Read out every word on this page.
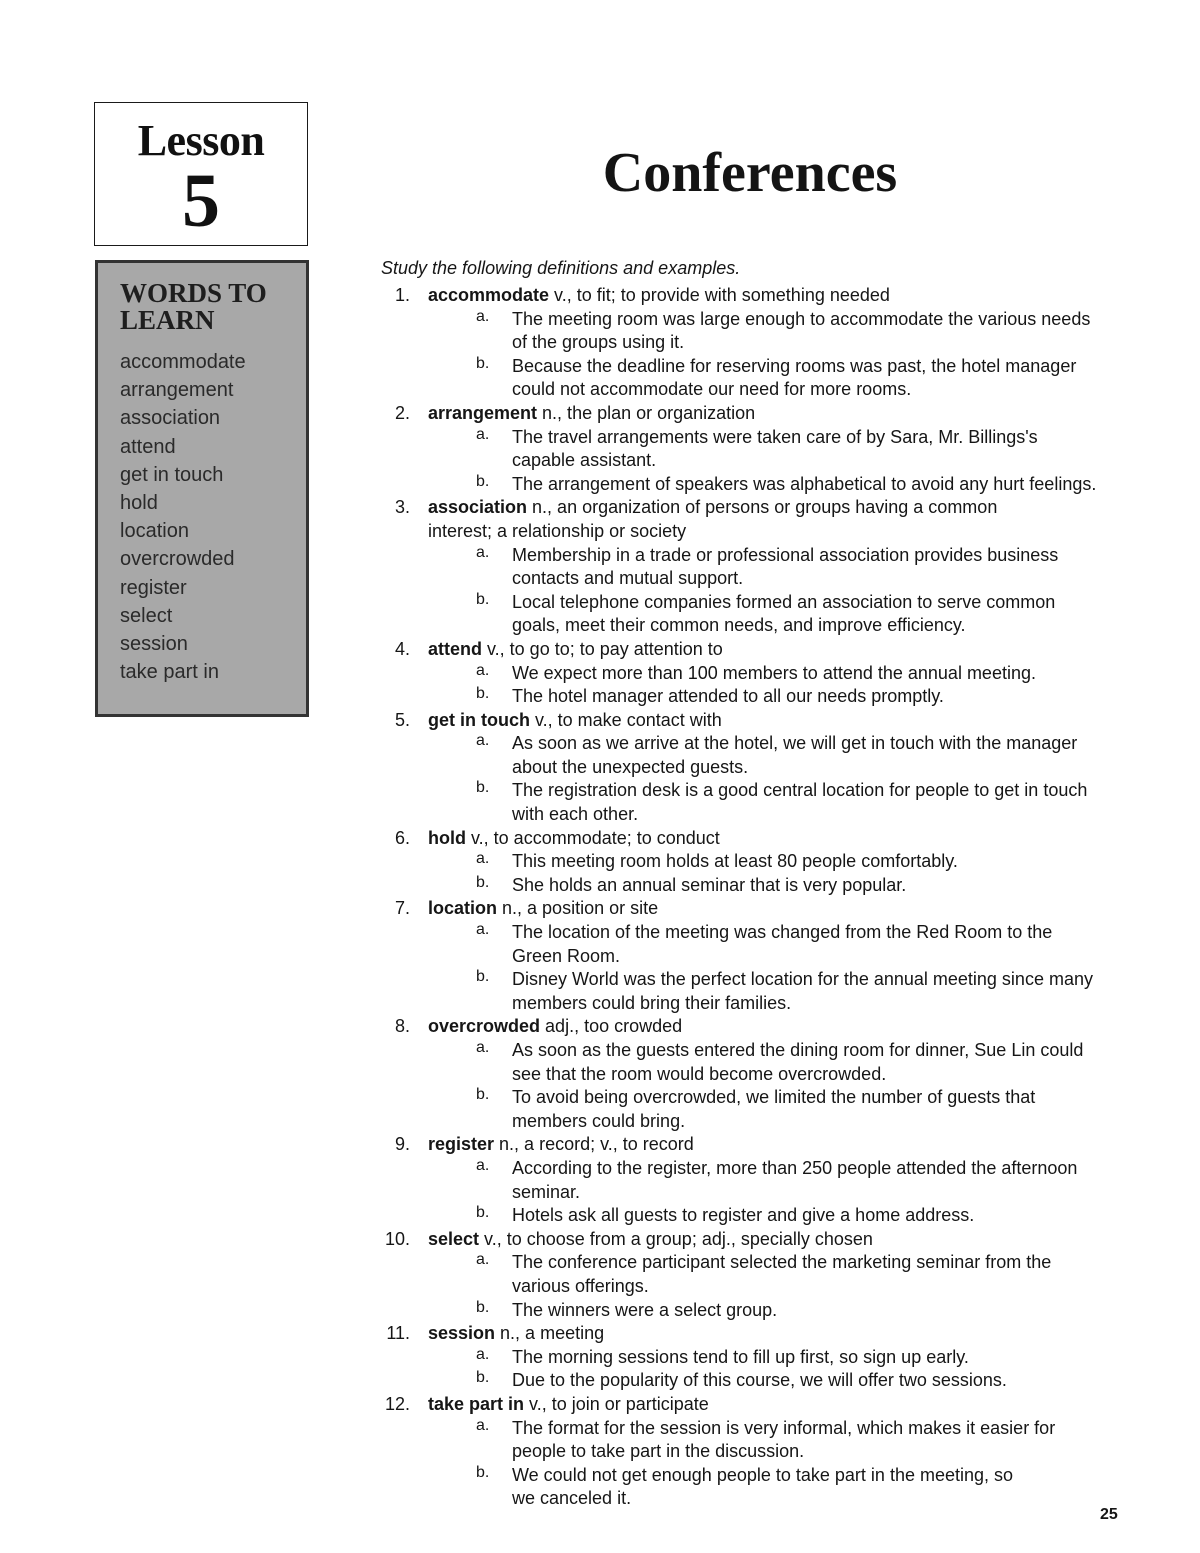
Lesson
5
WORDS TO
LEARN
accommodate
arrangement
association
attend
get in touch
hold
location
overcrowded
register
select
session
take part in
Conferences
Study the following definitions and examples.
1. accommodate v., to fit; to provide with something needed
a. The meeting room was large enough to accommodate the various needs
of the groups using it.
b. Because the deadline for reserving rooms was past, the hotel manager
could not accommodate our need for more rooms.
2. arrangement n., the plan or organization
a. The travel arrangements were taken care of by Sara, Mr. Billings's
capable assistant.
b. The arrangement of speakers was alphabetical to avoid any hurt feelings.
3. association n., an organization of persons or groups having a common
interest; a relationship or society
a. Membership in a trade or professional association provides business
contacts and mutual support.
b. Local telephone companies formed an association to serve common
goals, meet their common needs, and improve efficiency.
4. attend v., to go to; to pay attention to
a. We expect more than 100 members to attend the annual meeting.
b. The hotel manager attended to all our needs promptly.
5. get in touch v., to make contact with
a. As soon as we arrive at the hotel, we will get in touch with the manager
about the unexpected guests.
b. The registration desk is a good central location for people to get in touch
with each other.
6. hold v., to accommodate; to conduct
a. This meeting room holds at least 80 people comfortably.
b. She holds an annual seminar that is very popular.
7. location n., a position or site
a. The location of the meeting was changed from the Red Room to the
Green Room.
b. Disney World was the perfect location for the annual meeting since many
members could bring their families.
8. overcrowded adj., too crowded
a. As soon as the guests entered the dining room for dinner, Sue Lin could
see that the room would become overcrowded.
b. To avoid being overcrowded, we limited the number of guests that
members could bring.
9. register n., a record; v., to record
a. According to the register, more than 250 people attended the afternoon
seminar.
b. Hotels ask all guests to register and give a home address.
10. select v., to choose from a group; adj., specially chosen
a. The conference participant selected the marketing seminar from the
various offerings.
b. The winners were a select group.
11. session n., a meeting
a. The morning sessions tend to fill up first, so sign up early.
b. Due to the popularity of this course, we will offer two sessions.
12. take part in v., to join or participate
a. The format for the session is very informal, which makes it easier for
people to take part in the discussion.
b. We could not get enough people to take part in the meeting, so
we canceled it.
25
